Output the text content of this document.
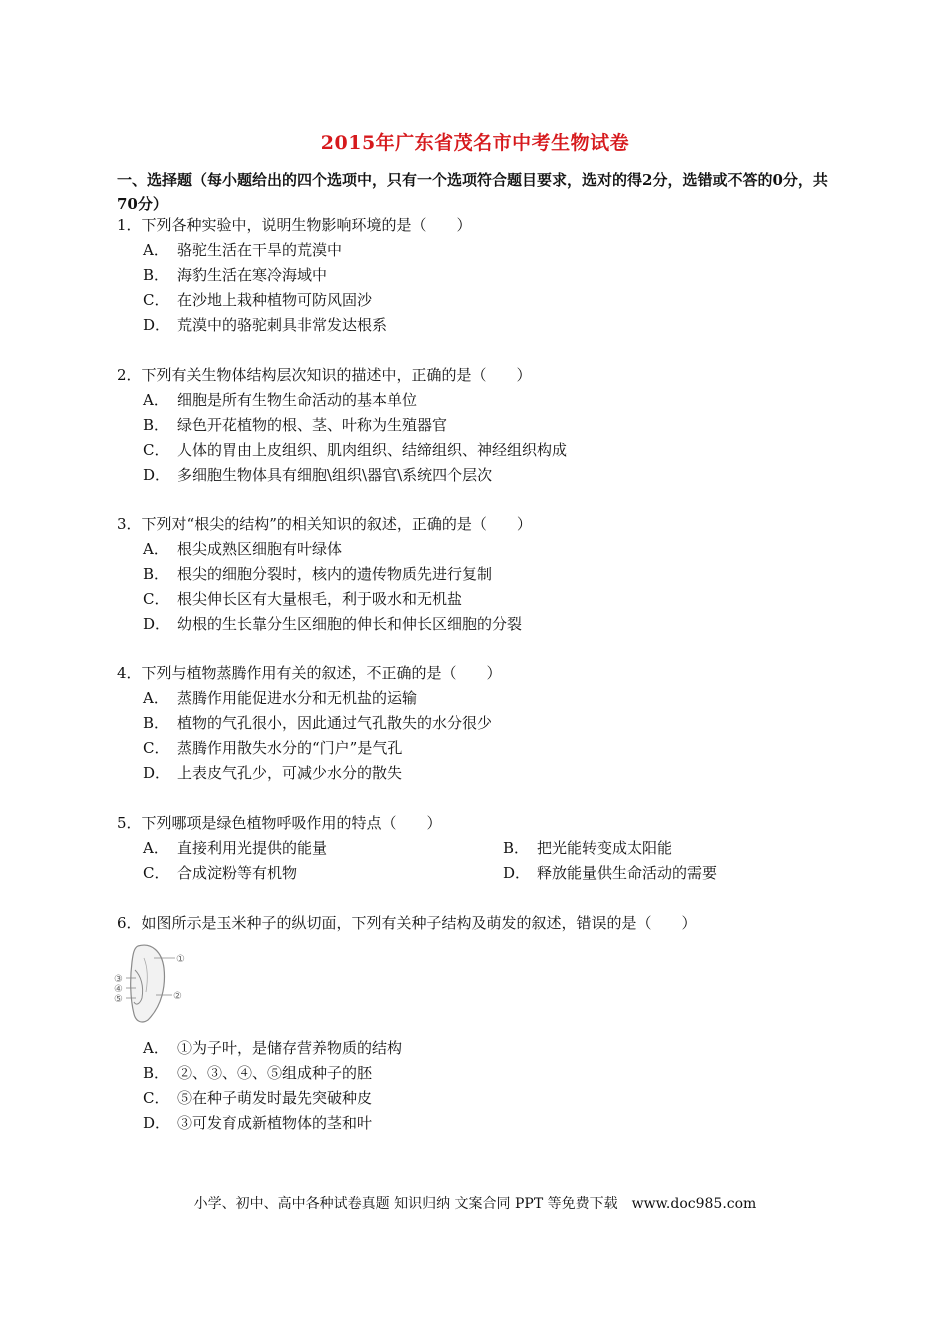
2015年广东省茂名市中考生物试卷
一、选择题（每小题给出的四个选项中，只有一个选项符合题目要求，选对的得2分，选错或不答的0分，共70分）
1．下列各种实验中，说明生物影响环境的是（　　）
A． 骆驼生活在干旱的荒漠中
B． 海豹生活在寒冷海域中
C． 在沙地上栽种植物可防风固沙
D． 荒漠中的骆驼刺具非常发达根系
2．下列有关生物体结构层次知识的描述中，正确的是（　　）
A． 细胞是所有生物生命活动的基本单位
B． 绿色开花植物的根、茎、叶称为生殖器官
C． 人体的胃由上皮组织、肌肉组织、结缔组织、神经组织构成
D． 多细胞生物体具有细胞\组织\器官\系统四个层次
3．下列对“根尖的结构”的相关知识的叙述，正确的是（　　）
A． 根尖成熟区细胞有叶绿体
B． 根尖的细胞分裂时，核内的遗传物质先进行复制
C． 根尖伸长区有大量根毛，利于吸水和无机盐
D． 幼根的生长靠分生区细胞的伸长和伸长区细胞的分裂
4．下列与植物蒸腾作用有关的叙述，不正确的是（　　）
A． 蒸腾作用能促进水分和无机盐的运输
B． 植物的气孔很小，因此通过气孔散失的水分很少
C． 蒸腾作用散失水分的“门户”是气孔
D． 上表皮气孔少，可减少水分的散失
5．下列哪项是绿色植物呼吸作用的特点（　　）
A． 直接利用光提供的能量	B． 把光能转变成太阳能
C． 合成淀粉等有机物	D． 释放能量供生命活动的需要
6．如图所示是玉米种子的纵切面，下列有关种子结构及萌发的叙述，错误的是（　　）
①
②
③
④
⑤
A． ①为子叶，是储存营养物质的结构
B． ②、③、④、⑤组成种子的胚
C． ⑤在种子萌发时最先突破种皮
D． ③可发育成新植物体的茎和叶
小学、初中、高中各种试卷真题 知识归纳 文案合同 PPT 等免费下载　www.doc985.com
